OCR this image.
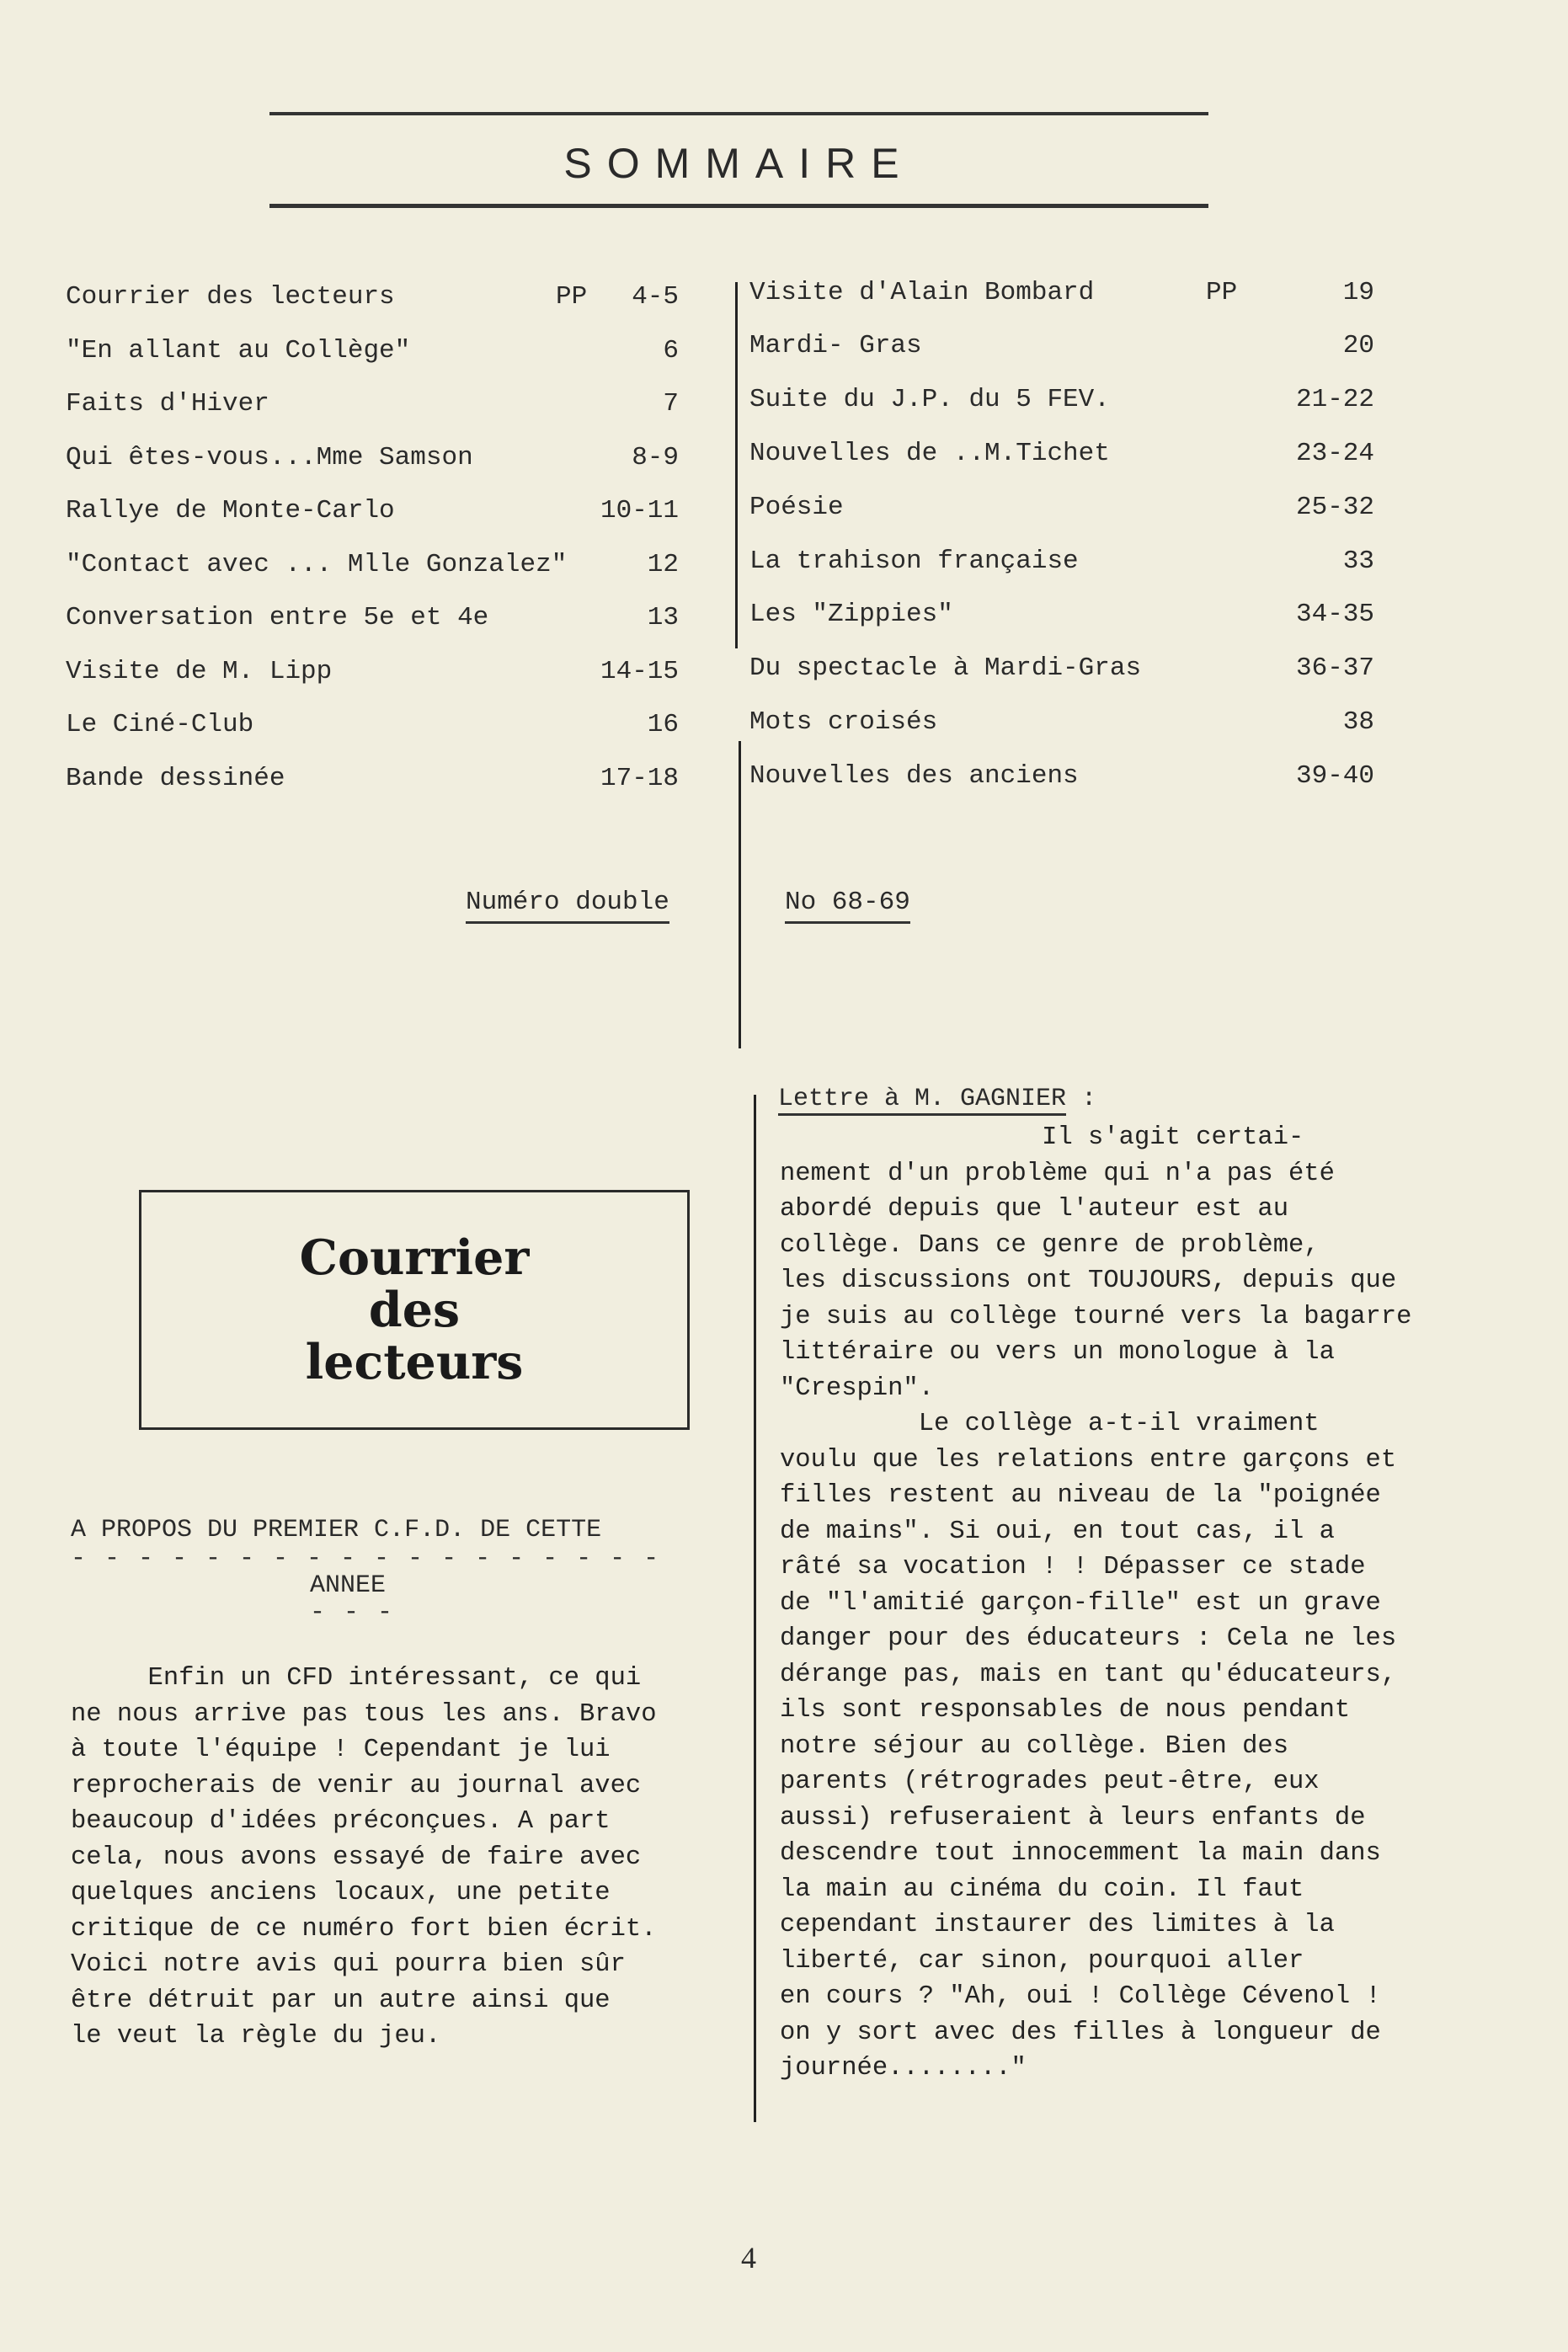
SOMMAIRE
Courrier des lecteurs	PP 4-5
"En allant au Collège"	6
Faits d'Hiver	7
Qui êtes-vous...Mme Samson	8-9
Rallye de Monte-Carlo	10-11
"Contact avec ... Mlle Gonzalez"	12
Conversation entre 5e et 4e	13
Visite de M. Lipp	14-15
Le Ciné-Club	16
Bande dessinée	17-18
Visite d'Alain Bombard	PP	19
Mardi- Gras	20
Suite du J.P. du 5 FEV.	21-22
Nouvelles de ..M.Tichet	23-24
Poésie	25-32
La trahison française	33
Les "Zippies"	34-35
Du spectacle à Mardi-Gras	36-37
Mots croisés	38
Nouvelles des anciens	39-40
Numéro double	No 68-69
Courrier
des
lecteurs
A PROPOS DU PREMIER C.F.D. DE CETTE
- - - - - - - - - - - - - - - - - -
ANNEE
- - -
Enfin un CFD intéressant, ce qui
ne nous arrive pas tous les ans. Bravo
à toute l'équipe ! Cependant je lui
reprocherais de venir au journal avec
beaucoup d'idées préconçues. A part
cela, nous avons essayé de faire avec
quelques anciens locaux, une petite
critique de ce numéro fort bien écrit.
Voici notre avis qui pourra bien sûr
être détruit par un autre ainsi que
le veut la règle du jeu.
Lettre à M. GAGNIER :
Il s'agit certai-
nement d'un problème qui n'a pas été
abordé depuis que l'auteur est au
collège. Dans ce genre de problème,
les discussions ont TOUJOURS, depuis que
je suis au collège tourné vers la bagarre
littéraire ou vers un monologue à la
"Crespin".
Le collège a-t-il vraiment
voulu que les relations entre garçons et
filles restent au niveau de la "poignée
de mains". Si oui, en tout cas, il a
râté sa vocation ! ! Dépasser ce stade
de "l'amitié garçon-fille" est un grave
danger pour des éducateurs : Cela ne les
dérange pas, mais en tant qu'éducateurs,
ils sont responsables de nous pendant
notre séjour au collège. Bien des
parents (rétrogrades peut-être, eux
aussi) refuseraient à leurs enfants de
descendre tout innocemment la main dans
la main au cinéma du coin. Il faut
cependant instaurer des limites à la
liberté, car sinon, pourquoi aller
en cours ? "Ah, oui ! Collège Cévenol !
on y sort avec des filles à longueur de
journée........"
4
